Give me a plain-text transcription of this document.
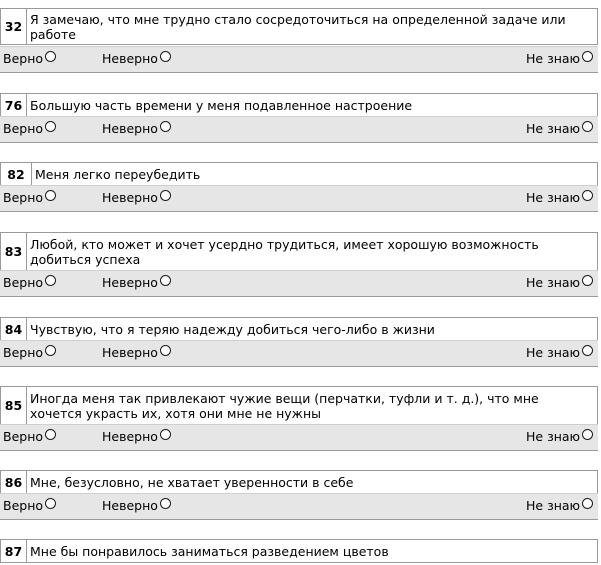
32 Я замечаю, что мне трудно стало сосредоточиться на определенной задаче или работе
Верно	Неверно	Не знаю
76 Большую часть времени у меня подавленное настроение
Верно	Неверно	Не знаю
82 Меня легко переубедить
Верно	Неверно	Не знаю
83 Любой, кто может и хочет усердно трудиться, имеет хорошую возможность добиться успеха
Верно	Неверно	Не знаю
84 Чувствую, что я теряю надежду добиться чего-либо в жизни
Верно	Неверно	Не знаю
85 Иногда меня так привлекают чужие вещи (перчатки, туфли и т. д.), что мне хочется украсть их, хотя они мне не нужны
Верно	Неверно	Не знаю
86 Мне, безусловно, не хватает уверенности в себе
Верно	Неверно	Не знаю
87 Мне бы понравилось заниматься разведением цветов
